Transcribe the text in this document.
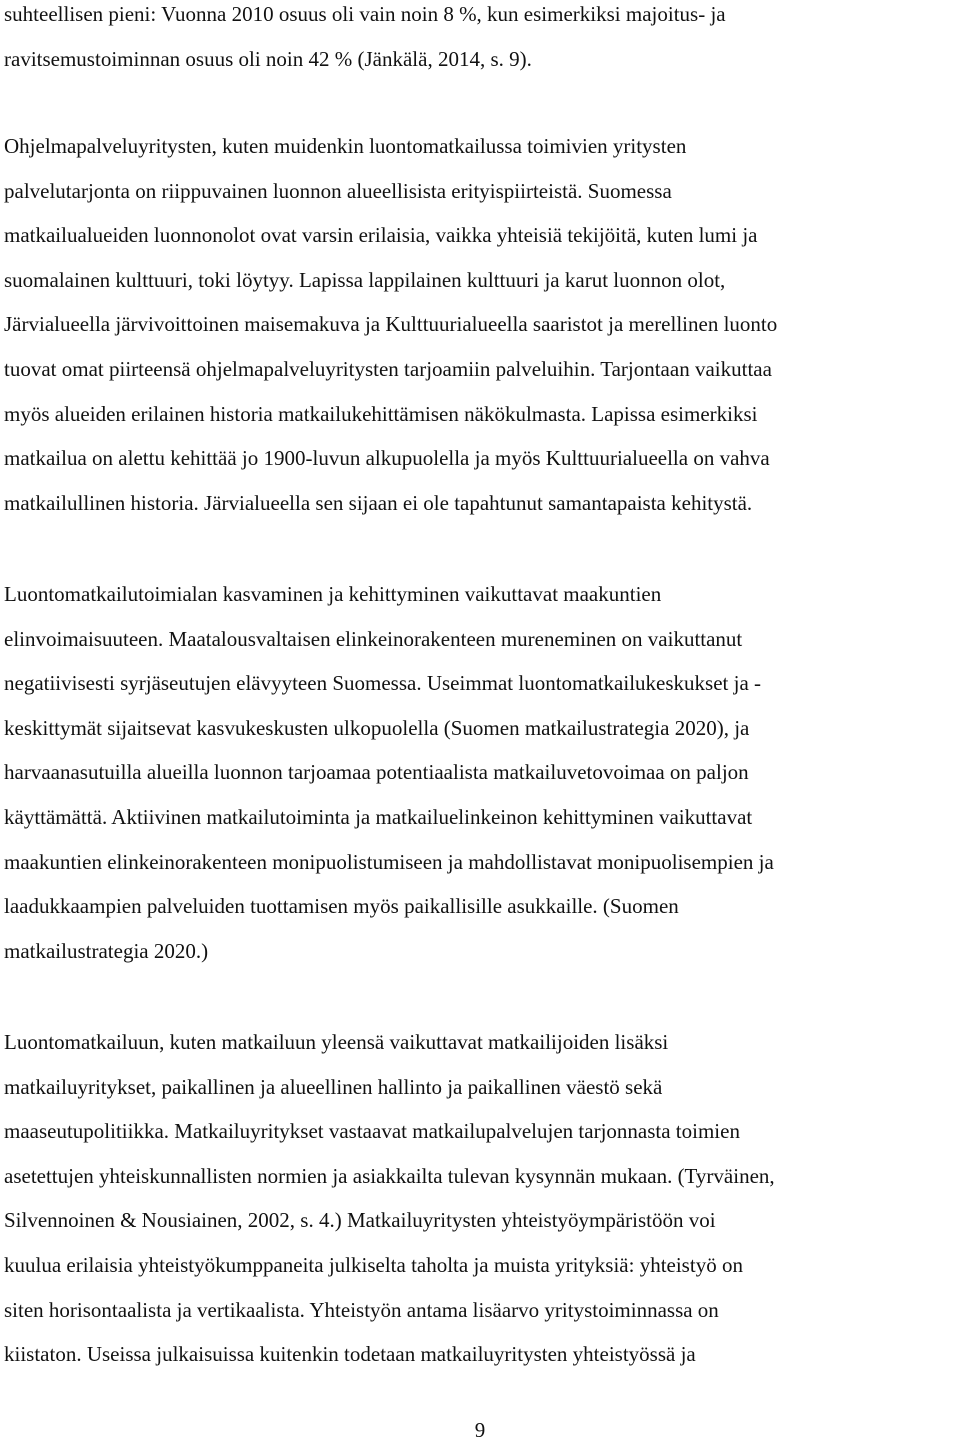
suhteellisen pieni: Vuonna 2010 osuus oli vain noin 8 %, kun esimerkiksi majoitus- ja
ravitsemustoiminnan osuus oli noin 42 % (Jänkälä, 2014, s. 9).

Ohjelmapalveluyritysten, kuten muidenkin luontomatkailussa toimivien yritysten
palvelutarjonta on riippuvainen luonnon alueellisista erityispiirteistä. Suomessa
matkailualueiden luonnonolot ovat varsin erilaisia, vaikka yhteisiä tekijöitä, kuten lumi ja
suomalainen kulttuuri, toki löytyy. Lapissa lappilainen kulttuuri ja karut luonnon olot,
Järvialueella järvivoittoinen maisemakuva ja Kulttuurialueella saaristot ja merellinen luonto
tuovat omat piirteensä ohjelmapalveluyritysten tarjoamiin palveluihin. Tarjontaan vaikuttaa
myös alueiden erilainen historia matkailukehittämisen näkökulmasta. Lapissa esimerkiksi
matkailua on alettu kehittää jo 1900-luvun alkupuolella ja myös Kulttuurialueella on vahva
matkailullinen historia. Järvialueella sen sijaan ei ole tapahtunut samantapaista kehitystä.

Luontomatkailutoimialan kasvaminen ja kehittyminen vaikuttavat maakuntien
elinvoimaisuuteen. Maatalousvaltaisen elinkeinorakenteen mureneminen on vaikuttanut
negatiivisesti syrjäseutujen elävyyteen Suomessa. Useimmat luontomatkailukeskukset ja -
keskittymät sijaitsevat kasvukeskusten ulkopuolella (Suomen matkailustrategia 2020), ja
harvaanasutuilla alueilla luonnon tarjoamaa potentiaalista matkailuvetovoimaa on paljon
käyttämättä. Aktiivinen matkailutoiminta ja matkailuelinkeinon kehittyminen vaikuttavat
maakuntien elinkeinorakenteen monipuolistumiseen ja mahdollistavat monipuolisempien ja
laadukkaampien palveluiden tuottamisen myös paikallisille asukkaille. (Suomen
matkailustrategia 2020.)

Luontomatkailuun, kuten matkailuun yleensä vaikuttavat matkailijoiden lisäksi
matkailuyritykset, paikallinen ja alueellinen hallinto ja paikallinen väestö sekä
maaseutupolitiikka. Matkailuyritykset vastaavat matkailupalvelujen tarjonnasta toimien
asetettujen yhteiskunnallisten normien ja asiakkailta tulevan kysynnän mukaan. (Tyrväinen,
Silvennoinen & Nousiainen, 2002, s. 4.) Matkailuyritysten yhteistyöympäristöön voi
kuulua erilaisia yhteistyökumppaneita julkiselta taholta ja muista yrityksiä: yhteistyö on
siten horisontaalista ja vertikaalista. Yhteistyön antama lisäarvo yritystoiminnassa on
kiistaton. Useissa julkaisuissa kuitenkin todetaan matkailuyritysten yhteistyössä ja

9
